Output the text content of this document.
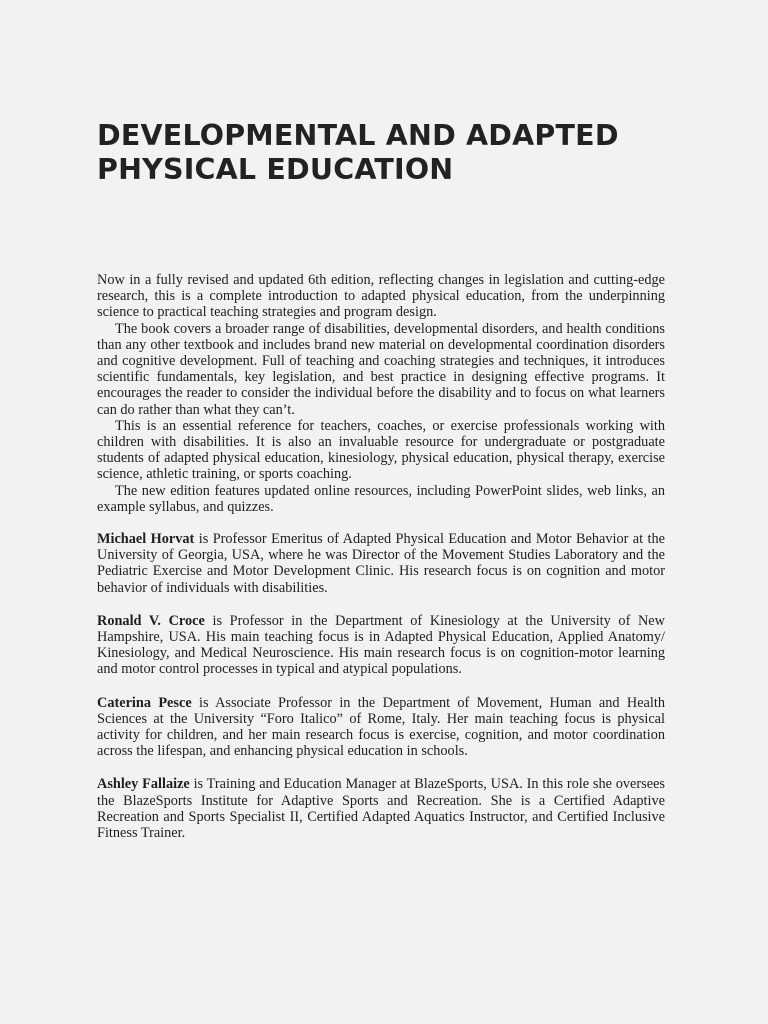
DEVELOPMENTAL AND ADAPTED
PHYSICAL EDUCATION

Now in a fully revised and updated 6th edition, reflecting changes in legislation and cutting-edge research, this is a complete introduction to adapted physical education, from the underpinning science to practical teaching strategies and program design.

The book covers a broader range of disabilities, developmental disorders, and health conditions than any other textbook and includes brand new material on developmental coordination disorders and cognitive development. Full of teaching and coaching strategies and techniques, it introduces scientific fundamentals, key legislation, and best practice in designing effective programs. It encourages the reader to consider the individual before the disability and to focus on what learners can do rather than what they can’t.

This is an essential reference for teachers, coaches, or exercise professionals working with children with disabilities. It is also an invaluable resource for undergraduate or postgraduate students of adapted physical education, kinesiology, physical education, physical therapy, exercise science, athletic training, or sports coaching.

The new edition features updated online resources, including PowerPoint slides, web links, an example syllabus, and quizzes.

Michael Horvat is Professor Emeritus of Adapted Physical Education and Motor Behavior at the University of Georgia, USA, where he was Director of the Movement Studies Laboratory and the Pediatric Exercise and Motor Development Clinic. His research focus is on cognition and motor behavior of individuals with disabilities.

Ronald V. Croce is Professor in the Department of Kinesiology at the University of New Hampshire, USA. His main teaching focus is in Adapted Physical Education, Applied Anatomy/ Kinesiology, and Medical Neuroscience. His main research focus is on cognition-motor learning and motor control processes in typical and atypical populations.

Caterina Pesce is Associate Professor in the Department of Movement, Human and Health Sciences at the University “Foro Italico” of Rome, Italy. Her main teaching focus is physical activity for children, and her main research focus is exercise, cognition, and motor coordination across the lifespan, and enhancing physical education in schools.

Ashley Fallaize is Training and Education Manager at BlazeSports, USA. In this role she oversees the BlazeSports Institute for Adaptive Sports and Recreation. She is a Certified Adaptive Recreation and Sports Specialist II, Certified Adapted Aquatics Instructor, and Certified Inclusive Fitness Trainer.
